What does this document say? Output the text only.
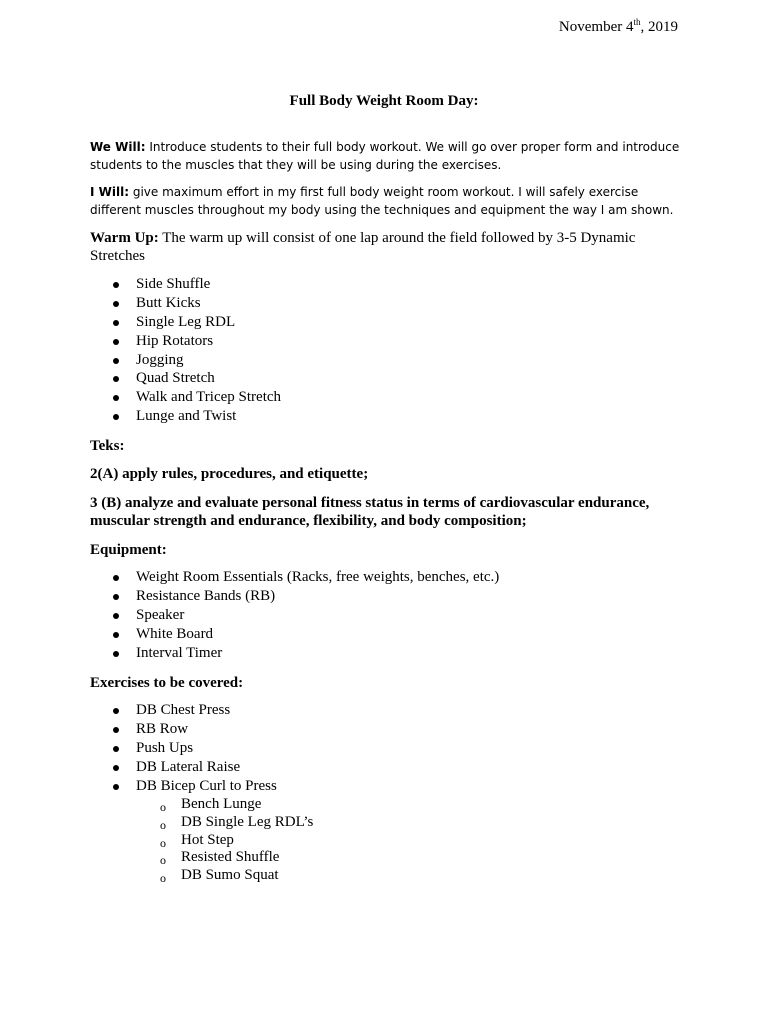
November 4th, 2019
Full Body Weight Room Day:
We Will: Introduce students to their full body workout. We will go over proper form and introduce students to the muscles that they will be using during the exercises.
I Will: give maximum effort in my first full body weight room workout. I will safely exercise different muscles throughout my body using the techniques and equipment the way I am shown.
Warm Up: The warm up will consist of one lap around the field followed by 3-5 Dynamic Stretches
Side Shuffle
Butt Kicks
Single Leg RDL
Hip Rotators
Jogging
Quad Stretch
Walk and Tricep Stretch
Lunge and Twist
Teks:
2(A) apply rules, procedures, and etiquette;
3 (B) analyze and evaluate personal fitness status in terms of cardiovascular endurance, muscular strength and endurance, flexibility, and body composition;
Equipment:
Weight Room Essentials (Racks, free weights, benches, etc.)
Resistance Bands (RB)
Speaker
White Board
Interval Timer
Exercises to be covered:
DB Chest Press
RB Row
Push Ups
DB Lateral Raise
DB Bicep Curl to Press
o Bench Lunge
o DB Single Leg RDL’s
o Hot Step
o Resisted Shuffle
o DB Sumo Squat
